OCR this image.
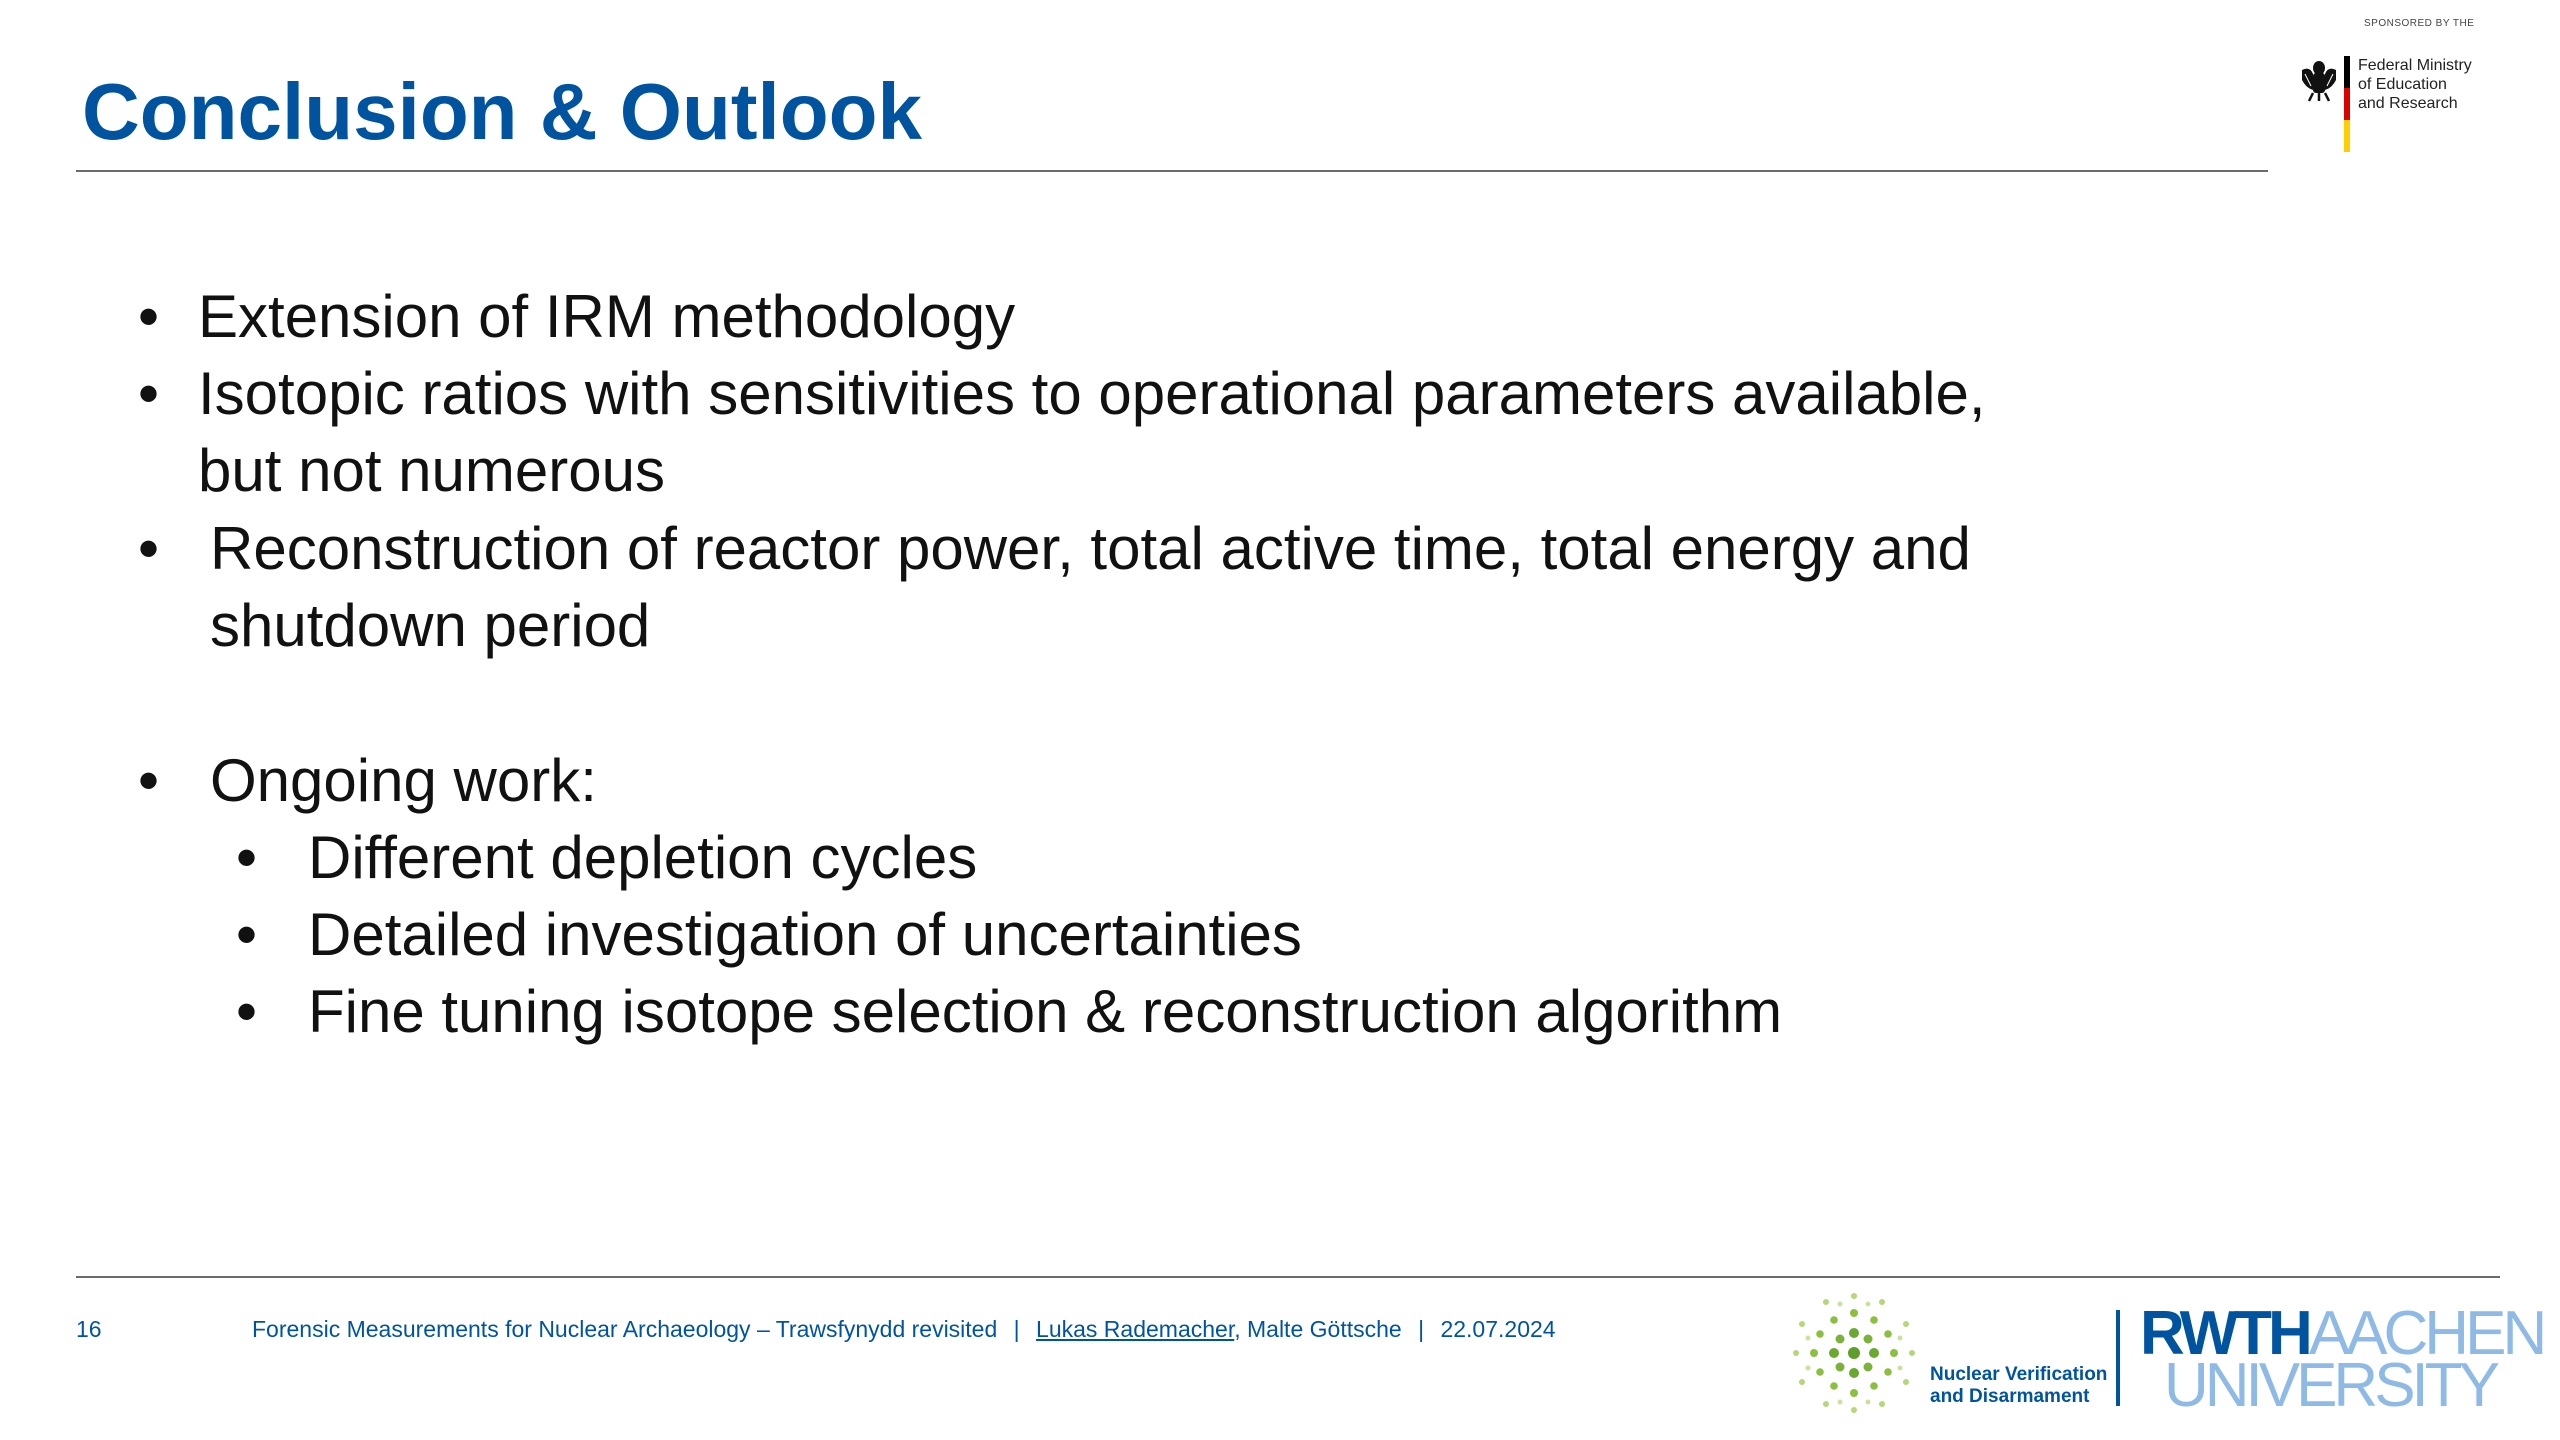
Conclusion & Outlook
SPONSORED BY THE
Federal Ministry
of Education
and Research
• Extension of IRM methodology
• Isotopic ratios with sensitivities to operational parameters available,
but not numerous
• Reconstruction of reactor power, total active time, total energy and
shutdown period
• Ongoing work:
• Different depletion cycles
• Detailed investigation of uncertainties
• Fine tuning isotope selection & reconstruction algorithm
16	Forensic Measurements for Nuclear Archaeology – Trawsfynydd revisited | Lukas Rademacher, Malte Göttsche | 22.07.2024
Nuclear Verification
and Disarmament
RWTHAACHEN
UNIVERSITY
